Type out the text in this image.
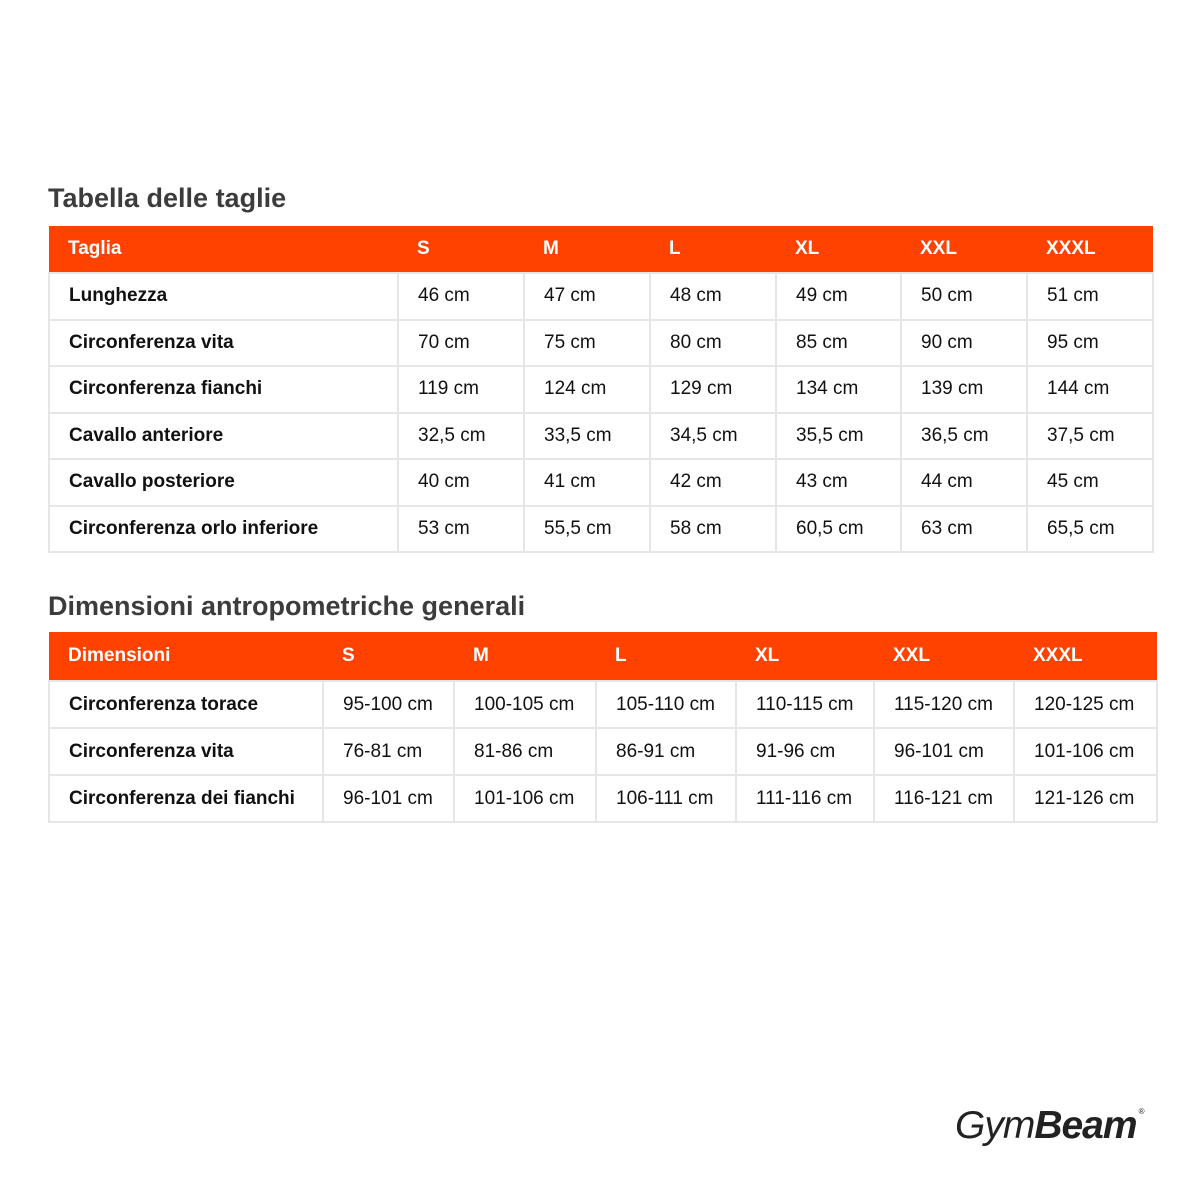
Tabella delle taglie
Taglia	S	M	L	XL	XXL	XXXL
Lunghezza	46 cm	47 cm	48 cm	49 cm	50 cm	51 cm
Circonferenza vita	70 cm	75 cm	80 cm	85 cm	90 cm	95 cm
Circonferenza fianchi	119 cm	124 cm	129 cm	134 cm	139 cm	144 cm
Cavallo anteriore	32,5 cm	33,5 cm	34,5 cm	35,5 cm	36,5 cm	37,5 cm
Cavallo posteriore	40 cm	41 cm	42 cm	43 cm	44 cm	45 cm
Circonferenza orlo inferiore	53 cm	55,5 cm	58 cm	60,5 cm	63 cm	65,5 cm
Dimensioni antropometriche generali
Dimensioni	S	M	L	XL	XXL	XXXL
Circonferenza torace	95-100 cm	100-105 cm	105-110 cm	110-115 cm	115-120 cm	120-125 cm
Circonferenza vita	76-81 cm	81-86 cm	86-91 cm	91-96 cm	96-101 cm	101-106 cm
Circonferenza dei fianchi	96-101 cm	101-106 cm	106-111 cm	111-116 cm	116-121 cm	121-126 cm
GymBeam ®
